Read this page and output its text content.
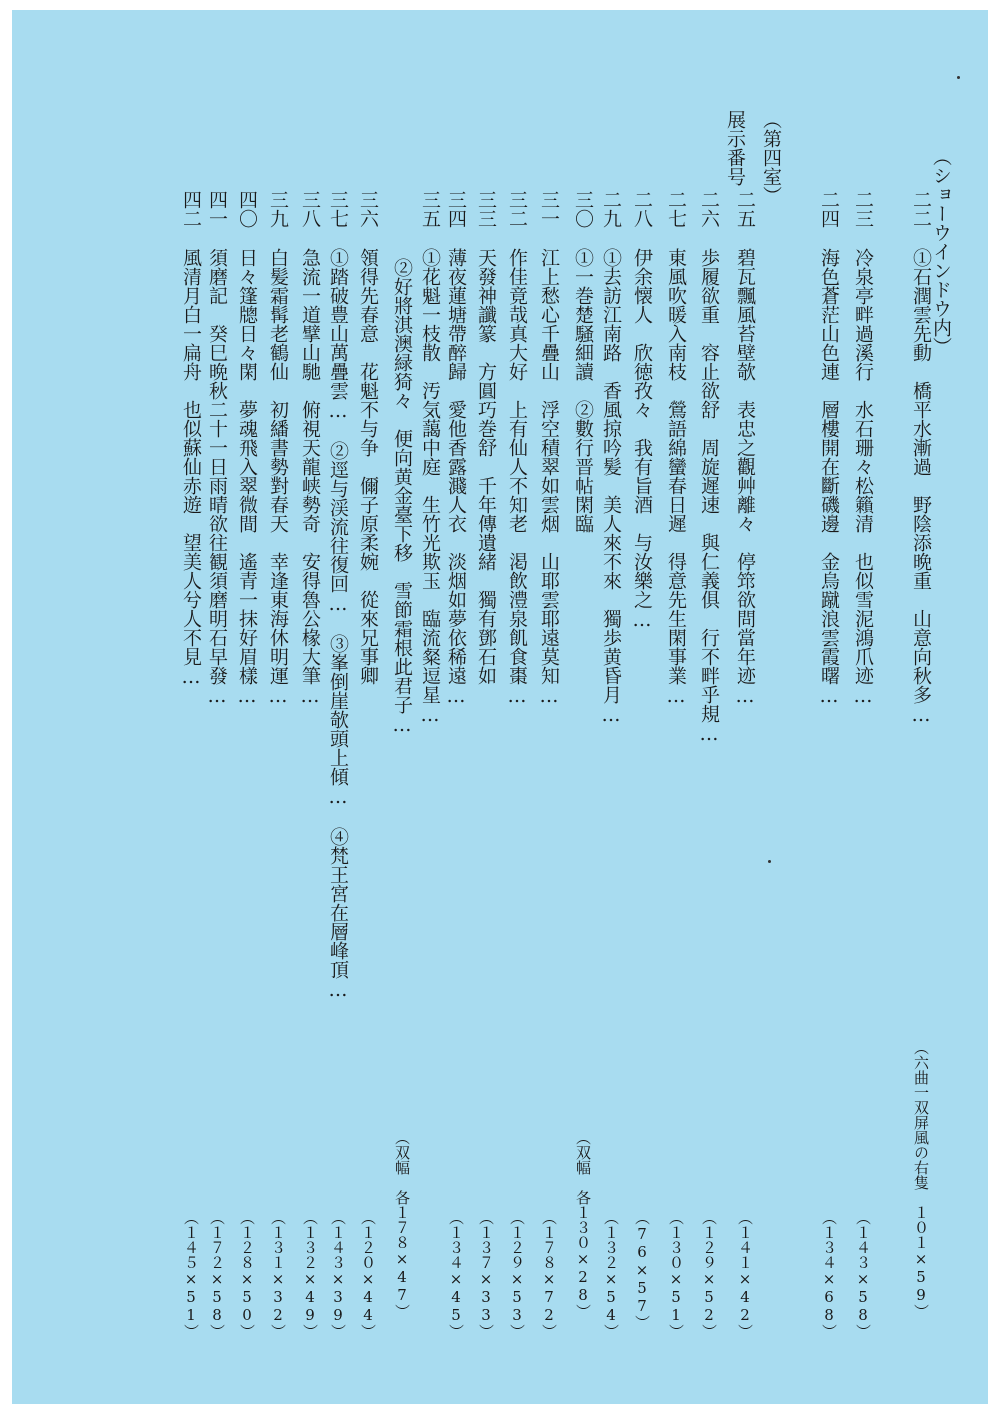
（ショーウインドウ内）
（第四室）
展示番号
二二①石潤雲先動　橋平水漸過　野陰添晩重　山意向秋多…
（六曲一双屏風の右隻　１０１×59）
二三冷泉亭畔過溪行　水石珊々松籟清　也似雪泥鴻爪迹…
（１４３×58）
二四海色蒼茫山色連　層樓開在斷磯邊　金烏蹴浪雲霞曙…
（１３４×68）
二五碧瓦飄風苔壁欹　表忠之觀艸離々　停筇欲問當年迹…
（１４１×42）
二六歩履欲重　容止欲舒　周旋遲速　與仁義俱　行不畔乎規…
（１２９×52）
二七東風吹暖入南枝　鶯語綿蠻春日遲　得意先生閑事業…
（１３０×51）
二八伊余懐人　欣徳孜々　我有旨酒　与汝樂之…
（76×57）
二九①去訪江南路　香風掠吟髪　美人來不來　獨歩黄昏月…
（１３２×54）
三〇①一巻楚騒細讀　②數行晋帖閑臨
（双幅　各１３０×28）
三一江上愁心千疊山　浮空積翠如雲烟　山耶雲耶遠莫知…
（１７８×72）
三二作佳竟哉真大好　上有仙人不知老　渇飲澧泉飢食棗…
（１２９×53）
三三天發神讖篆　方圓巧巻舒　千年傳遺緒　獨有鄧石如
（１３７×33）
三四薄夜蓮塘帶醉歸　愛他香露濺人衣　淡烟如夢依稀遠…
（１３４×45）
三五①花魁一枝散　汚気藹中庭　生竹光欺玉　臨流粲逗星…
②好將淇澳緑猗々　便向黄金臺下移　雪節霜根此君子…
（双幅　各１７８×47）
三六領得先春意　花魁不与争　儞子原柔婉　從來兄事卿
（１２０×44）
三七①踏破豊山萬疊雲…　②逕与渓流往復回…　③峯倒崖欹頭上傾…　④梵王宮在層峰頂…
（１４３×39）
三八急流一道擘山馳　俯視天龍峡勢奇　安得魯公椽大筆…
（１３２×49）
三九白髪霜髯老鶴仙　初繙書勢對春天　幸逢東海休明運…
（１３１×32）
四〇日々篷牕日々閑　夢魂飛入翠微間　遙青一抹好眉樣…
（１２８×50）
四一須磨記　癸巳晩秋二十一日雨晴欲往観須磨明石早發…
（１７２×58）
四二風清月白一扁舟　也似蘇仙赤遊　望美人兮人不見…
（１４５×51）
